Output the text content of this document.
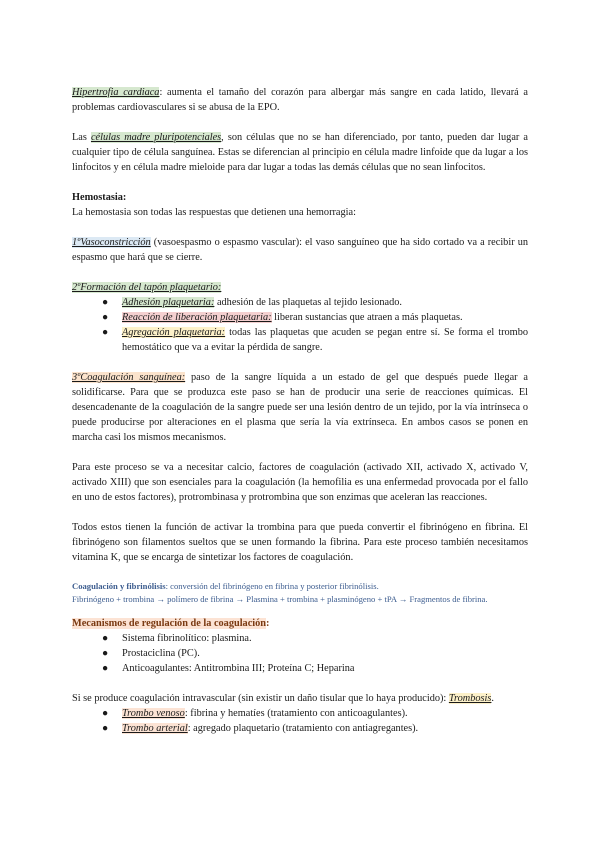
Hipertrofia cardiaca: aumenta el tamaño del corazón para albergar más sangre en cada latido, llevará a problemas cardiovasculares si se abusa de la EPO.

Las células madre pluripotenciales, son células que no se han diferenciado, por tanto, pueden dar lugar a cualquier tipo de célula sanguínea. Estas se diferencian al principio en célula madre linfoide que da lugar a los linfocitos y en célula madre mieloide para dar lugar a todas las demás células que no sean linfocitos.

Hemostasia:

La hemostasia son todas las respuestas que detienen una hemorragia:

1ºVasoconstricción (vasoespasmo o espasmo vascular): el vaso sanguíneo que ha sido cortado va a recibir un espasmo que hará que se cierre.

2ºFormación del tapón plaquetario:

● Adhesión plaquetaria: adhesión de las plaquetas al tejido lesionado.
● Reacción de liberación plaquetaria: liberan sustancias que atraen a más plaquetas.
● Agregación plaquetaria: todas las plaquetas que acuden se pegan entre sí. Se forma el trombo hemostático que va a evitar la pérdida de sangre.

3ºCoagulación sanguínea: paso de la sangre líquida a un estado de gel que después puede llegar a solidificarse. Para que se produzca este paso se han de producir una serie de reacciones químicas. El desencadenante de la coagulación de la sangre puede ser una lesión dentro de un tejido, por la vía intrínseca o puede producirse por alteraciones en el plasma que sería la vía extrínseca. En ambos casos se ponen en marcha casi los mismos mecanismos.

Para este proceso se va a necesitar calcio, factores de coagulación (activado XII, activado X, activado V, activado XIII) que son esenciales para la coagulación (la hemofilia es una enfermedad provocada por el fallo en uno de estos factores), protrombinasa y protrombina que son enzimas que aceleran las reacciones.

Todos estos tienen la función de activar la trombina para que pueda convertir el fibrinógeno en fibrina. El fibrinógeno son filamentos sueltos que se unen formando la fibrina. Para este proceso también necesitamos vitamina K, que se encarga de sintetizar los factores de coagulación.

Coagulación y fibrinólisis: conversión del fibrinógeno en fibrina y posterior fibrinólisis.
Fibrinógeno + trombina → polímero de fibrina → Plasmina + trombina + plasminógeno + tPA → Fragmentos de fibrina.

Mecanismos de regulación de la coagulación:

● Sistema fibrinolítico: plasmina.
● Prostaciclina (PC).
● Anticoagulantes: Antitrombina III; Proteína C; Heparina

Si se produce coagulación intravascular (sin existir un daño tisular que lo haya producido): Trombosis.

● Trombo venoso: fibrina y hematíes (tratamiento con anticoagulantes).
● Trombo arterial: agregado plaquetario (tratamiento con antiagregantes).
